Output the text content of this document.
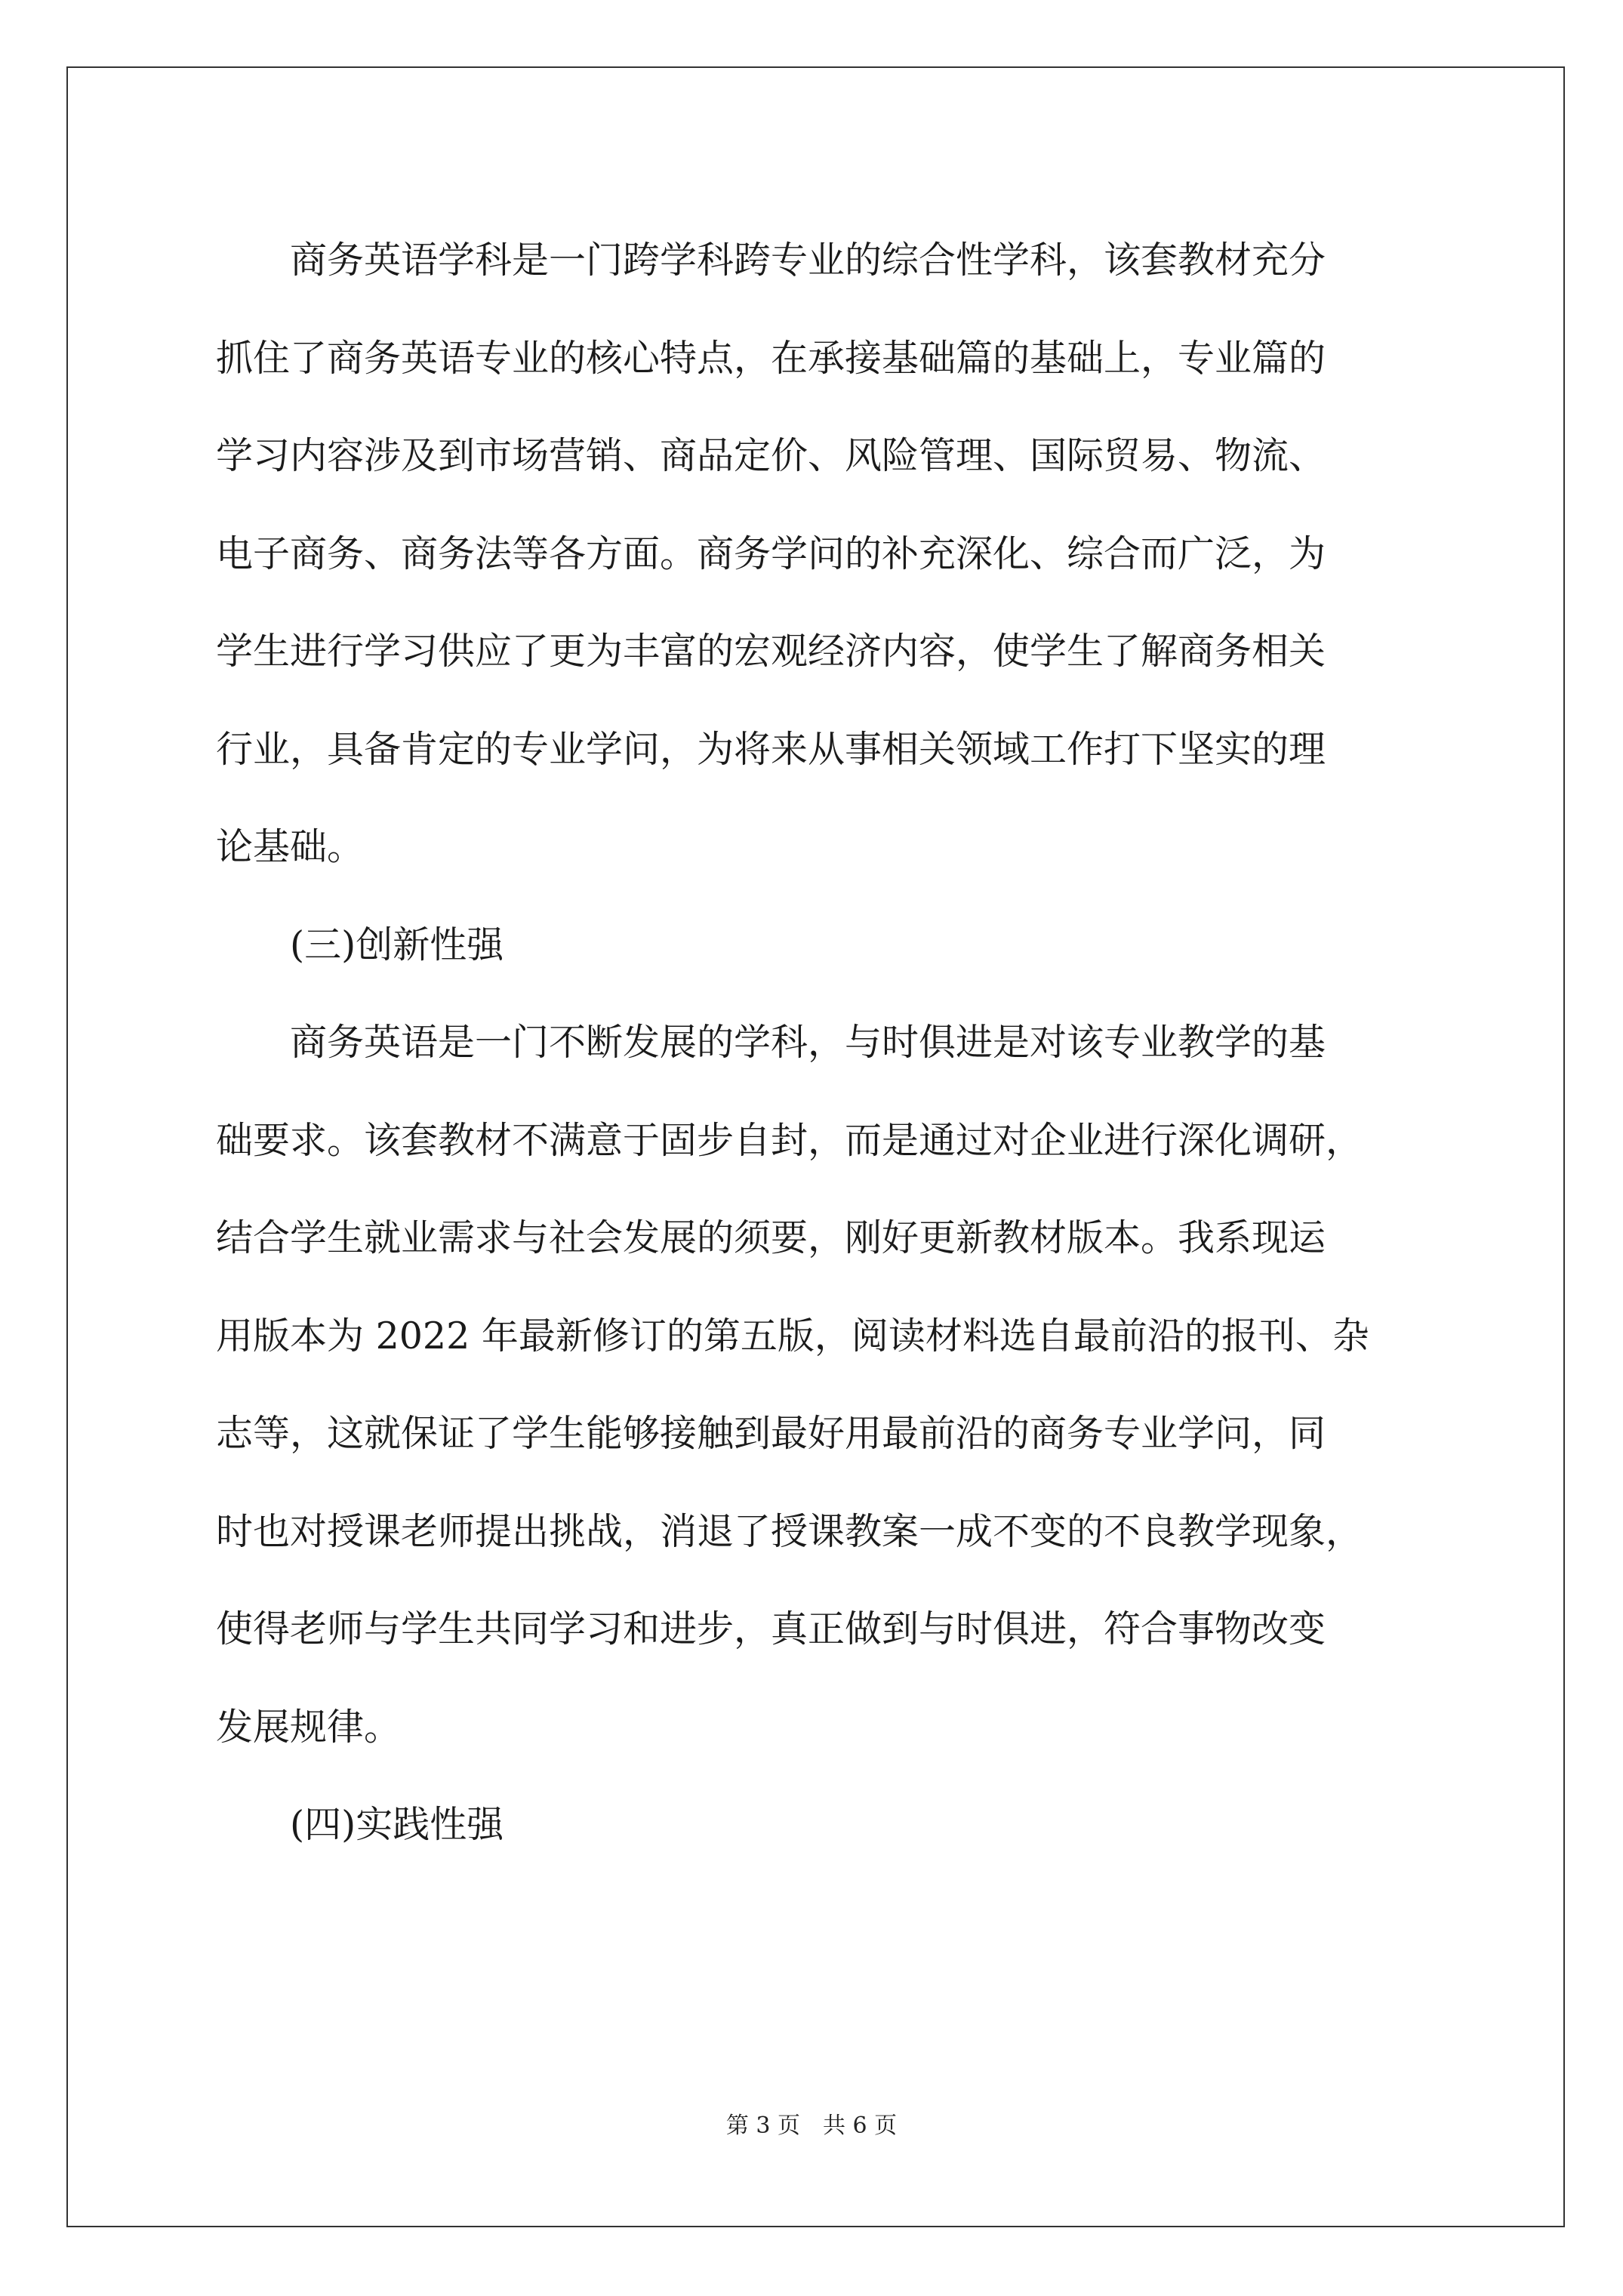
商务英语学科是一门跨学科跨专业的综合性学科，该套教材充分
抓住了商务英语专业的核心特点，在承接基础篇的基础上，专业篇的
学习内容涉及到市场营销、商品定价、风险管理、国际贸易、物流、
电子商务、商务法等各方面。商务学问的补充深化、综合而广泛，为
学生进行学习供应了更为丰富的宏观经济内容，使学生了解商务相关
行业，具备肯定的专业学问，为将来从事相关领域工作打下坚实的理
论基础。
(三)创新性强
商务英语是一门不断发展的学科，与时俱进是对该专业教学的基
础要求。该套教材不满意于固步自封，而是通过对企业进行深化调研，
结合学生就业需求与社会发展的须要，刚好更新教材版本。我系现运
用版本为 2022 年最新修订的第五版，阅读材料选自最前沿的报刊、杂
志等，这就保证了学生能够接触到最好用最前沿的商务专业学问，同
时也对授课老师提出挑战，消退了授课教案一成不变的不良教学现象，
使得老师与学生共同学习和进步，真正做到与时俱进，符合事物改变
发展规律。
(四)实践性强
第 3 页　共 6 页
